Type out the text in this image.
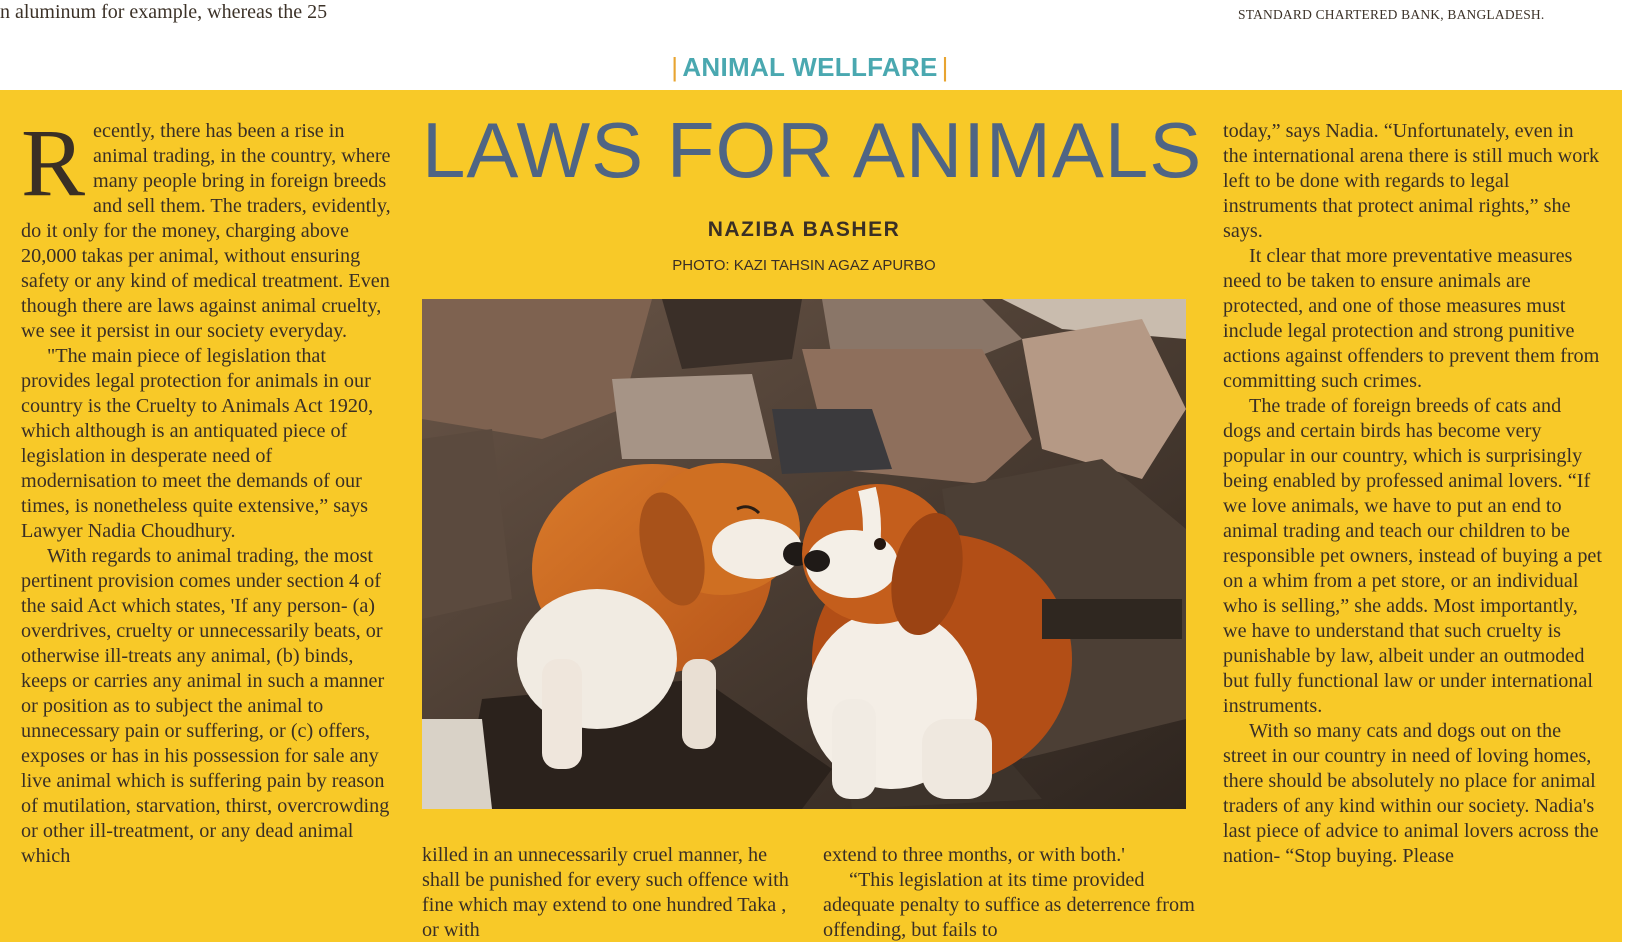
n aluminum for example, whereas the 25	STANDARD CHARTERED BANK, BANGLADESH.
| ANIMAL WELLFARE |
LAWS FOR ANIMALS
NAZIBA BASHER
PHOTO: KAZI TAHSIN AGAZ APURBO

Recently, there has been a rise in animal trading, in the country, where many people bring in foreign breeds and sell them. The traders, evidently, do it only for the money, charging above 20,000 takas per animal, without ensuring safety or any kind of medical treatment. Even though there are laws against animal cruelty, we see it persist in our society everyday.

"The main piece of legislation that provides legal protection for animals in our country is the Cruelty to Animals Act 1920, which although is an antiquated piece of legislation in desperate need of modernisation to meet the demands of our times, is nonetheless quite extensive,” says Lawyer Nadia Choudhury.

With regards to animal trading, the most pertinent provision comes under section 4 of the said Act which states, 'If any person- (a) overdrives, cruelty or unnecessarily beats, or otherwise ill-treats any animal, (b) binds, keeps or carries any animal in such a manner or position as to subject the animal to unnecessary pain or suffering, or (c) offers, exposes or has in his possession for sale any live animal which is suffering pain by reason of mutilation, starvation, thirst, overcrowding or other ill-treatment, or any dead animal which	killed in an unnecessarily cruel manner, he shall be punished for every such offence with fine which may extend to one hundred Taka , or with

extend to three months, or with both.'

“This legislation at its time provided adequate penalty to suffice as deterrence from offending, but fails to

today,” says Nadia. “Unfortunately, even in the international arena there is still much work left to be done with regards to legal instruments that protect animal rights,” she says.

It clear that more preventative measures need to be taken to ensure animals are protected, and one of those measures must include legal protection and strong punitive actions against offenders to prevent them from committing such crimes.

The trade of foreign breeds of cats and dogs and certain birds has become very popular in our country, which is surprisingly being enabled by professed animal lovers. “If we love animals, we have to put an end to animal trading and teach our children to be responsible pet owners, instead of buying a pet on a whim from a pet store, or an individual who is selling,” she adds. Most importantly, we have to understand that such cruelty is punishable by law, albeit under an outmoded but fully functional law or under international instruments.

With so many cats and dogs out on the street in our country in need of loving homes, there should be absolutely no place for animal traders of any kind within our society. Nadia's last piece of advice to animal lovers across the nation- “Stop buying. Please
